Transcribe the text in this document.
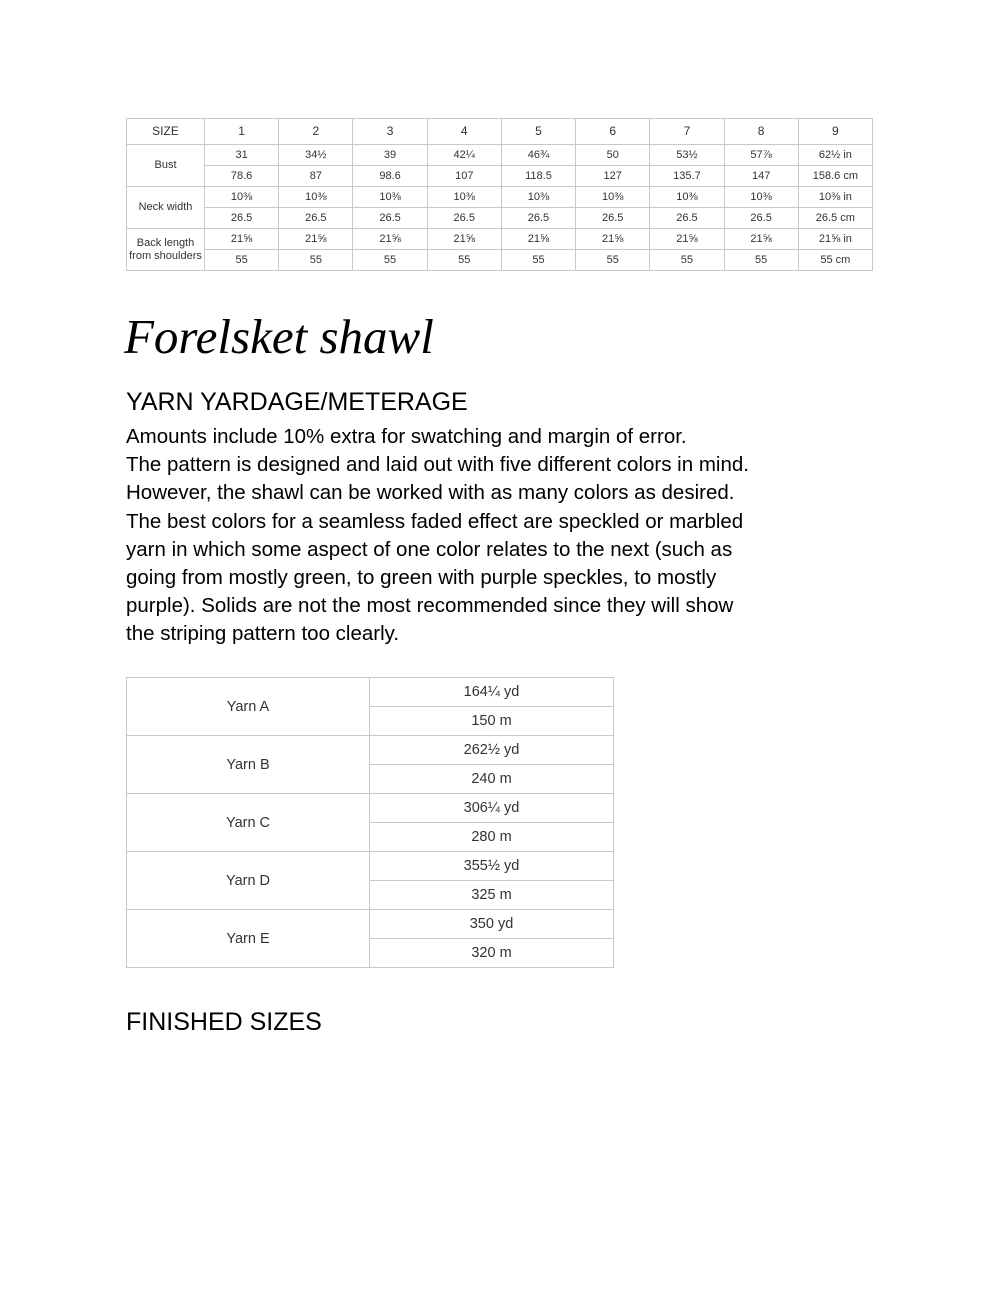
SIZE	1	2	3	4	5	6	7	8	9
Bust	31	34½	39	42¼	46¾	50	53½	57⅞	62½ in
	78.6	87	98.6	107	118.5	127	135.7	147	158.6 cm
Neck width	10⅜	10⅜	10⅜	10⅜	10⅜	10⅜	10⅜	10⅜	10⅜ in
	26.5	26.5	26.5	26.5	26.5	26.5	26.5	26.5	26.5 cm
Back length from shoulders	21⅝	21⅝	21⅝	21⅝	21⅝	21⅝	21⅝	21⅝	21⅝ in
	55	55	55	55	55	55	55	55	55 cm
Forelsket shawl
YARN YARDAGE/METERAGE

Amounts include 10% extra for swatching and margin of error.
The pattern is designed and laid out with five different colors in mind.
However, the shawl can be worked with as many colors as desired.
The best colors for a seamless faded effect are speckled or marbled
yarn in which some aspect of one color relates to the next (such as
going from mostly green, to green with purple speckles, to mostly
purple). Solids are not the most recommended since they will show
the striping pattern too clearly.

Yarn A	164¼ yd
	150 m
Yarn B	262½ yd
	240 m
Yarn C	306¼ yd
	280 m
Yarn D	355½ yd
	325 m
Yarn E	350 yd
	320 m
FINISHED SIZES
